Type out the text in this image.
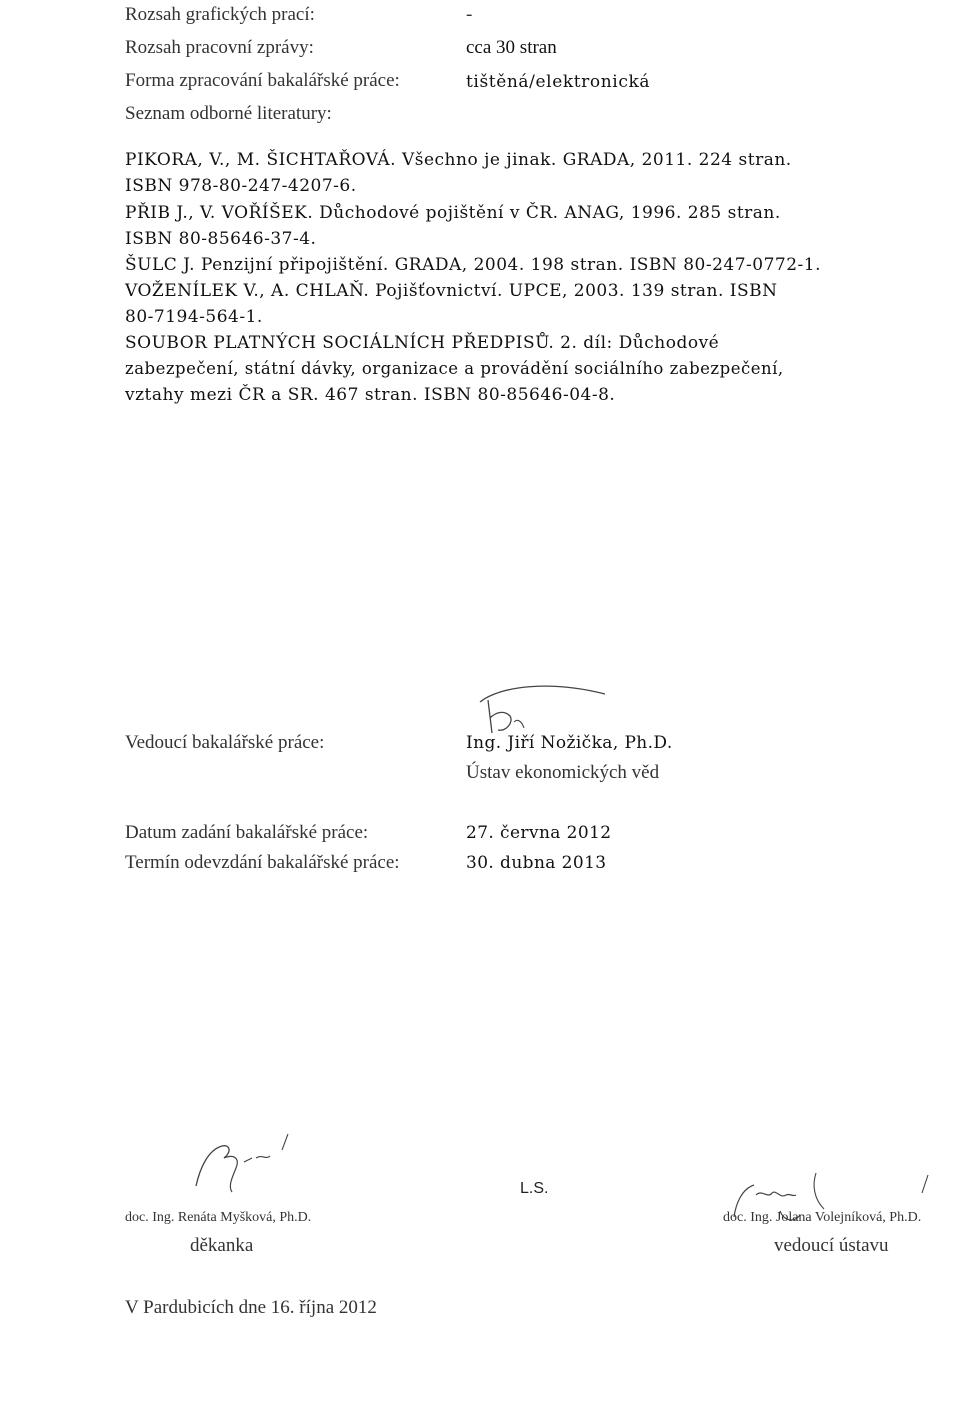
Rozsah grafických prací:	-
Rozsah pracovní zprávy:	cca 30 stran
Forma zpracování bakalářské práce:	tištěná/elektronická
Seznam odborné literatury:
PIKORA, V., M. ŠICHTAŘOVÁ. Všechno je jinak. GRADA, 2011. 224 stran.
ISBN 978-80-247-4207-6.
PŘIB J., V. VOŘÍŠEK. Důchodové pojištění v ČR. ANAG, 1996. 285 stran.
ISBN 80-85646-37-4.
ŠULC J. Penzijní připojištění. GRADA, 2004. 198 stran. ISBN 80-247-0772-1.
VOŽENÍLEK V., A. CHLAŇ. Pojišťovnictví. UPCE, 2003. 139 stran. ISBN
80-7194-564-1.
SOUBOR PLATNÝCH SOCIÁLNÍCH PŘEDPISŮ. 2. díl: Důchodové
zabezpečení, státní dávky, organizace a provádění sociálního zabezpečení,
vztahy mezi ČR a SR. 467 stran. ISBN 80-85646-04-8.
Vedoucí bakalářské práce:	Ing. Jiří Nožička, Ph.D.
Ústav ekonomických věd
Datum zadání bakalářské práce:	27. června 2012
Termín odevzdání bakalářské práce:	30. dubna 2013
doc. Ing. Renáta Myšková, Ph.D.
děkanka
L.S.
doc. Ing. Jolana Volejníková, Ph.D.
vedoucí ústavu
V Pardubicích dne 16. října 2012
